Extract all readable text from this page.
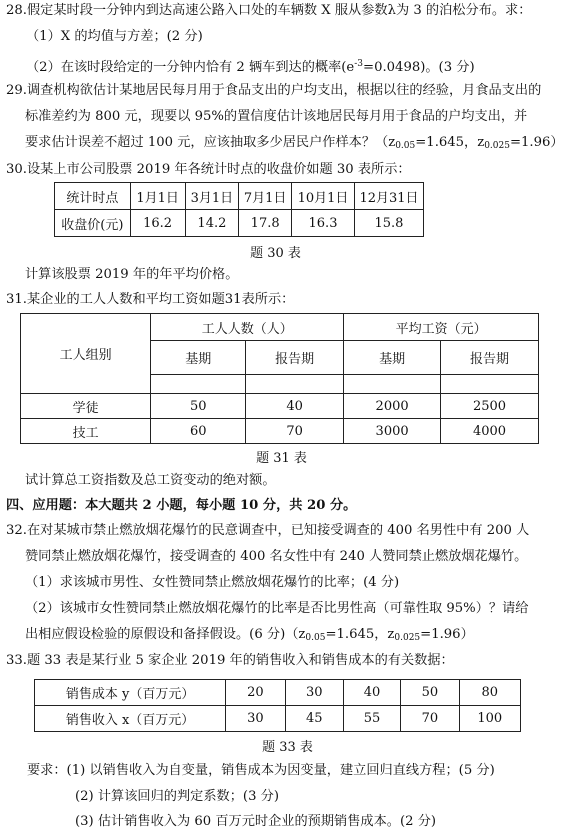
28.假定某时段一分钟内到达高速公路入口处的车辆数 X 服从参数λ为 3 的泊松分布。求：
（1）X 的均值与方差；(2 分)
（2）在该时段给定的一分钟内恰有 2 辆车到达的概率$(e^{-3}=0.0498)$。(3 分)
29.调查机构欲估计某地居民每月用于食品支出的户均支出，根据以往的经验，月食品支出的
标准差约为 800 元，现要以 95%的置信度估计该地居民每月用于食品的户均支出，并
要求估计误差不超过 100 元，应该抽取多少居民户作样本？（$z_{0.05}=1.645$，$z_{0.025}=1.96$）
30.设某上市公司股票 2019 年各统计时点的收盘价如题 30 表所示：
统计时点	1月1日	3月1日	7月1日	10月1日	12月31日
收盘价(元)	16.2	14.2	17.8	16.3	15.8
题 30 表
计算该股票 2019 年的年平均价格。
31.某企业的工人人数和平均工资如题31表所示：
工人组别	工人人数（人）		平均工资（元）	
	基期	报告期	基期	报告期

学徒	50	40	2000	2500
技工	60	70	3000	4000
题 31 表
试计算总工资指数及总工资变动的绝对额。
四、应用题：本大题共 2 小题，每小题 10 分，共 20 分。
32.在对某城市禁止燃放烟花爆竹的民意调查中，已知接受调查的 400 名男性中有 200 人
赞同禁止燃放烟花爆竹，接受调查的 400 名女性中有 240 人赞同禁止燃放烟花爆竹。
（1）求该城市男性、女性赞同禁止燃放烟花爆竹的比率；(4 分)
（2）该城市女性赞同禁止燃放烟花爆竹的比率是否比男性高（可靠性取 95%）？请给
出相应假设检验的原假设和备择假设。(6 分)（$z_{0.05}=1.645$，$z_{0.025}=1.96$）
33.题 33 表是某行业 5 家企业 2019 年的销售收入和销售成本的有关数据：
销售成本 y（百万元）	20	30	40	50	80
销售收入 x（百万元）	30	45	55	70	100
题 33 表
要求：(1) 以销售收入为自变量，销售成本为因变量，建立回归直线方程；(5 分)
(2) 计算该回归的判定系数；(3 分)
(3) 估计销售收入为 60 百万元时企业的预期销售成本。(2 分)
